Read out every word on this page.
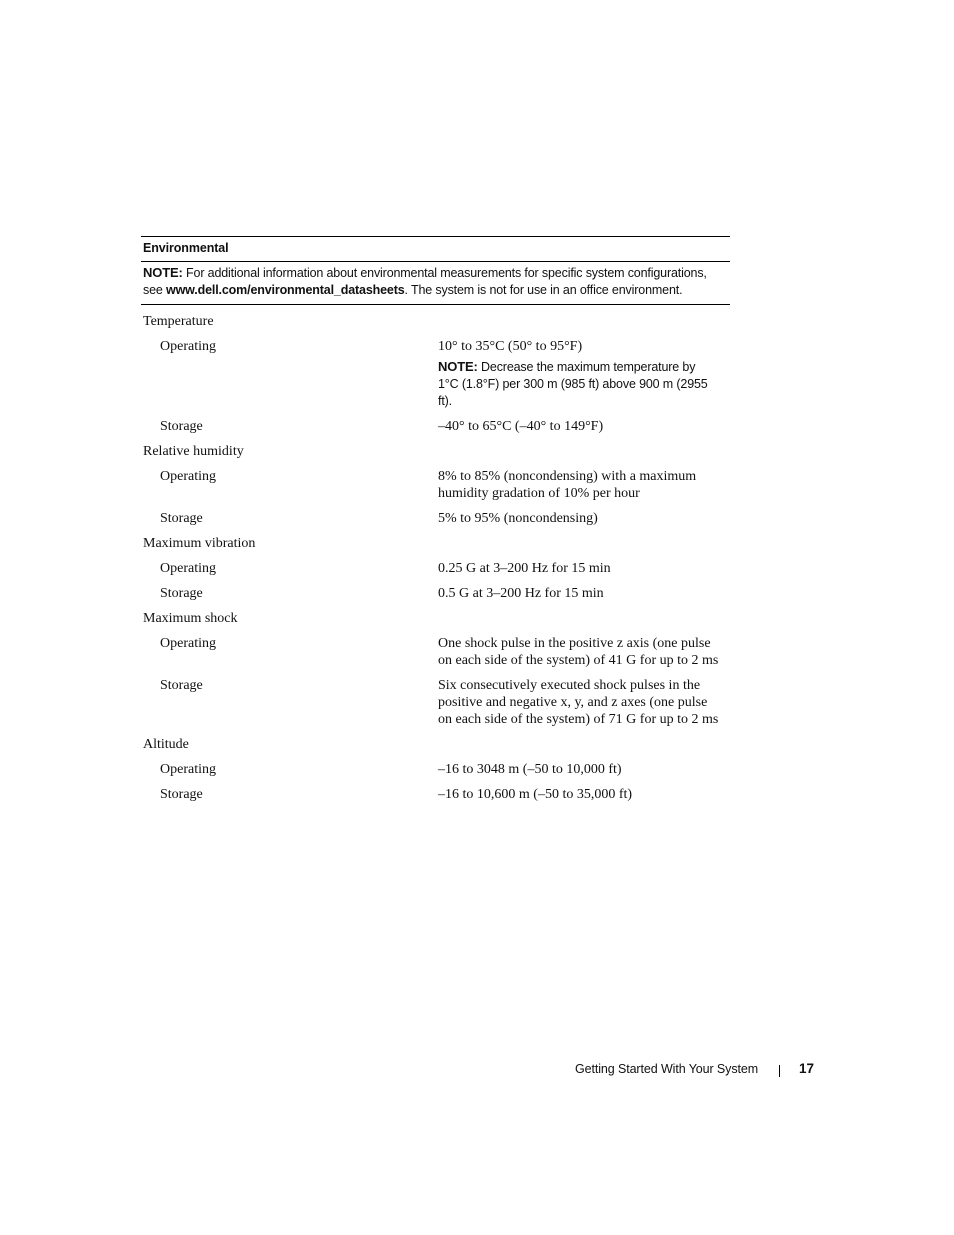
Environmental
NOTE: For additional information about environmental measurements for specific system configurations, see www.dell.com/environmental_datasheets. The system is not for use in an office environment.
Temperature
Operating	10° to 35°C (50° to 95°F)
NOTE: Decrease the maximum temperature by 1°C (1.8°F) per 300 m (985 ft) above 900 m (2955 ft).
Storage	–40° to 65°C (–40° to 149°F)
Relative humidity
Operating	8% to 85% (noncondensing) with a maximum humidity gradation of 10% per hour
Storage	5% to 95% (noncondensing)
Maximum vibration
Operating	0.25 G at 3–200 Hz for 15 min
Storage	0.5 G at 3–200 Hz for 15 min
Maximum shock
Operating	One shock pulse in the positive z axis (one pulse on each side of the system) of 41 G for up to 2 ms
Storage	Six consecutively executed shock pulses in the positive and negative x, y, and z axes (one pulse on each side of the system) of 71 G for up to 2 ms
Altitude
Operating	–16 to 3048 m (–50 to 10,000 ft)
Storage	–16 to 10,600 m (–50 to 35,000 ft)
Getting Started With Your System	17
